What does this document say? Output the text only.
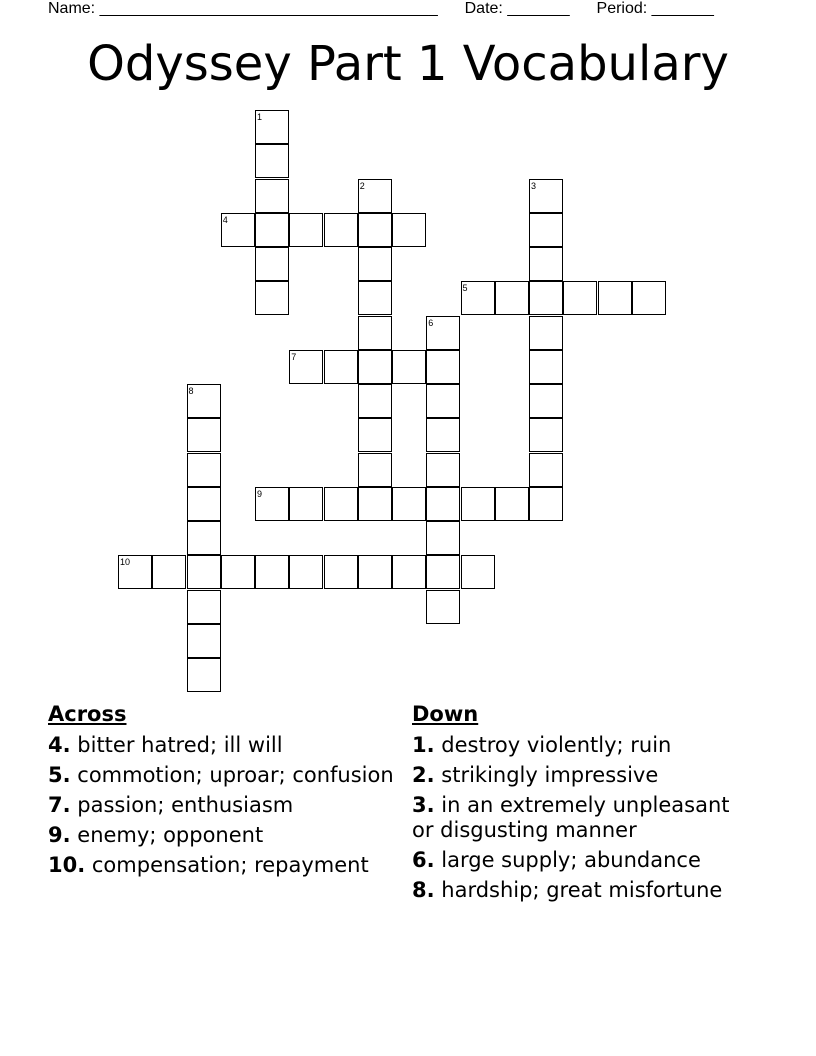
Name: ______________________________________ Date: _______ Period: _______
Odyssey Part 1 Vocabulary
1
2	3
4
5
6
7
8
9
10
Across
4. bitter hatred; ill will
5. commotion; uproar; confusion
7. passion; enthusiasm
9. enemy; opponent
10. compensation; repayment
Down
1. destroy violently; ruin
2. strikingly impressive
3. in an extremely unpleasant or disgusting manner
6. large supply; abundance
8. hardship; great misfortune
